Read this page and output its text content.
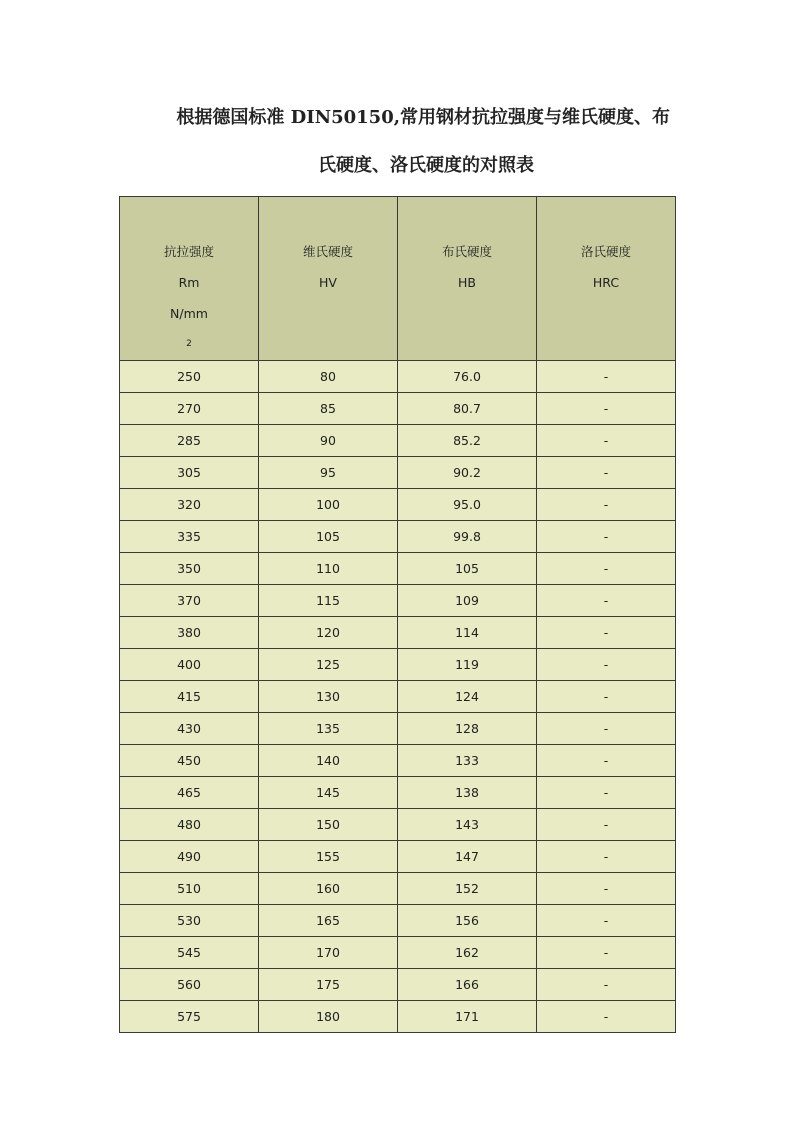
根据德国标准 DIN50150,常用钢材抗拉强度与维氏硬度、布
氏硬度、洛氏硬度的对照表
抗拉强度
Rm
N/mm
2	维氏硬度
HV	布氏硬度
HB	洛氏硬度
HRC

250	80	76.0	-
270	85	80.7	-
285	90	85.2	-
305	95	90.2	-
320	100	95.0	-
335	105	99.8	-
350	110	105	-
370	115	109	-
380	120	114	-
400	125	119	-
415	130	124	-
430	135	128	-
450	140	133	-
465	145	138	-
480	150	143	-
490	155	147	-
510	160	152	-
530	165	156	-
545	170	162	-
560	175	166	-
575	180	171	-
